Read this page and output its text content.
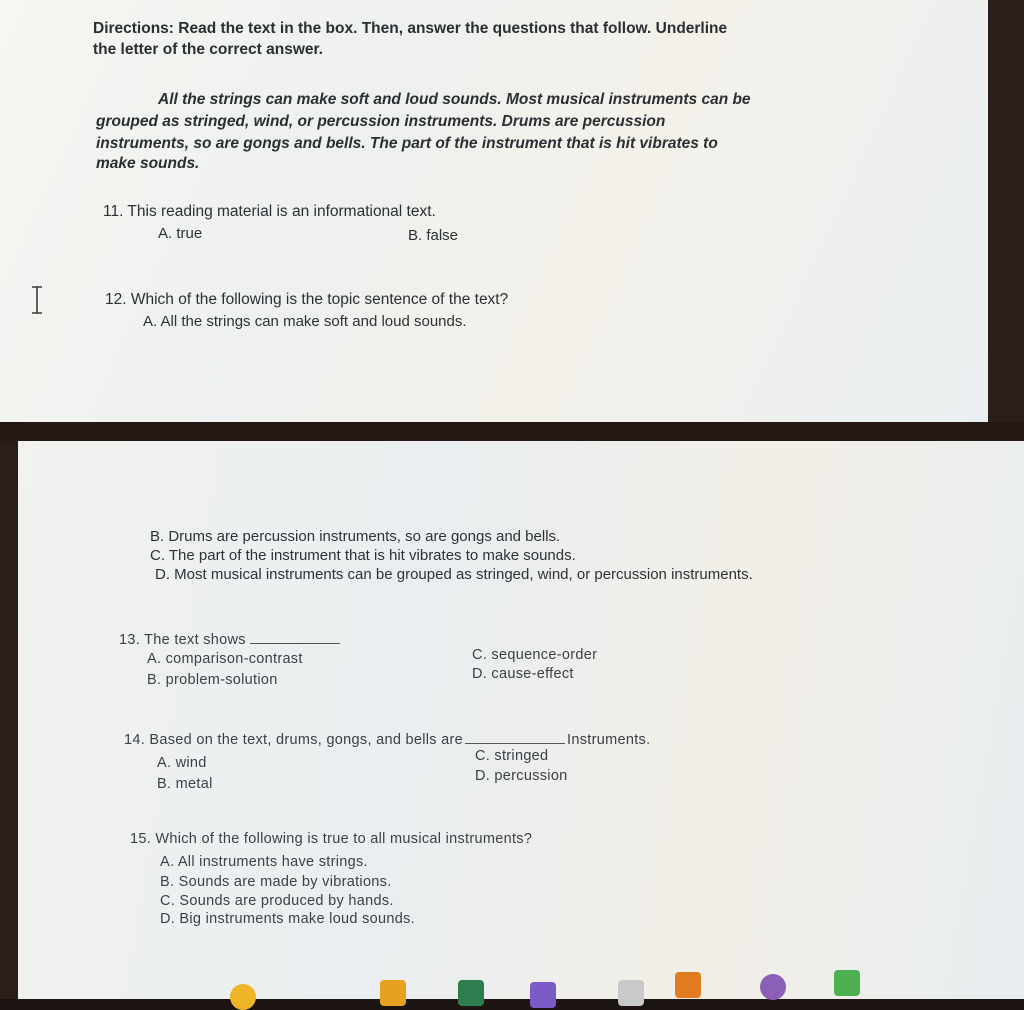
Directions: Read the text in the box. Then, answer the questions that follow. Underline
the letter of the correct answer.
All the strings can make soft and loud sounds. Most musical instruments can be
grouped as stringed, wind, or percussion instruments. Drums are percussion
instruments, so are gongs and bells. The part of the instrument that is hit vibrates to
make sounds.
11. This reading material is an informational text.
A. true	B. false
12. Which of the following is the topic sentence of the text?
A. All the strings can make soft and loud sounds.
B. Drums are percussion instruments, so are gongs and bells.
C. The part of the instrument that is hit vibrates to make sounds.
D. Most musical instruments can be grouped as stringed, wind, or percussion instruments.
13. The text shows
A. comparison-contrast
B. problem-solution
C. sequence-order
D. cause-effect
14. Based on the text, drums, gongs, and bells are	Instruments.
A. wind
B. metal
C. stringed
D. percussion
15. Which of the following is true to all musical instruments?
A. All instruments have strings.
B. Sounds are made by vibrations.
C. Sounds are produced by hands.
D. Big instruments make loud sounds.
